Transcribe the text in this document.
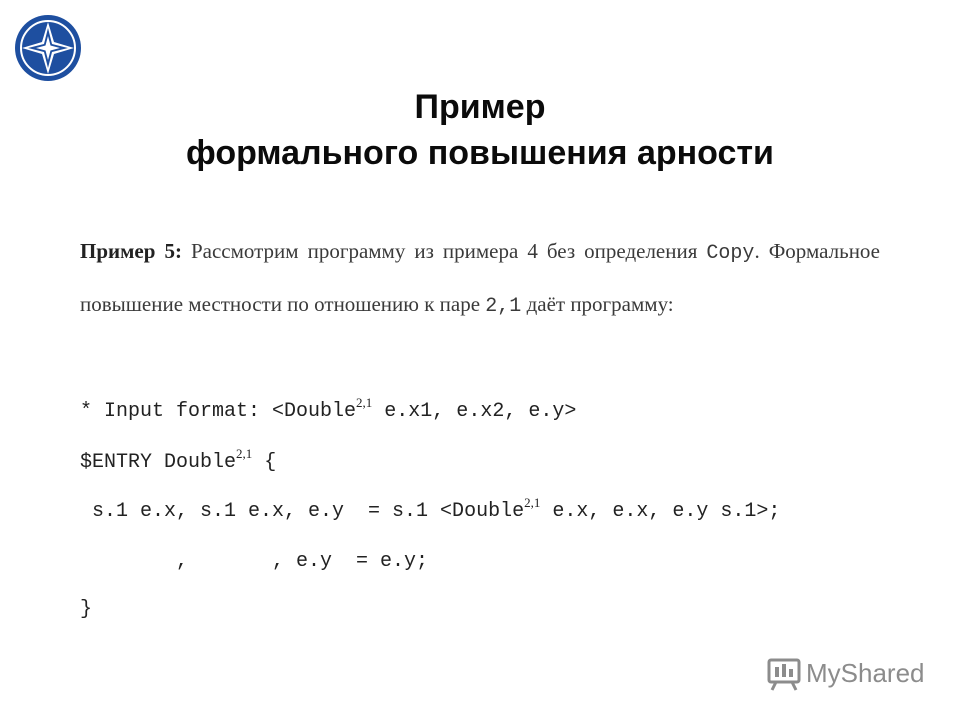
Пример
формального повышения арности
Пример 5: Рассмотрим программу из примера 4 без определения Copy. Формальное повышение местности по отношению к паре 2,1 даёт программу:
* Input format: <Double$^{2,1}$ e.x1, e.x2, e.y>
$ENTRY Double$^{2,1}$ {
s.1 e.x, s.1 e.x, e.y  = s.1 <Double$^{2,1}$ e.x, e.x, e.y s.1>;
,       , e.y  = e.y;
}
MyShared
